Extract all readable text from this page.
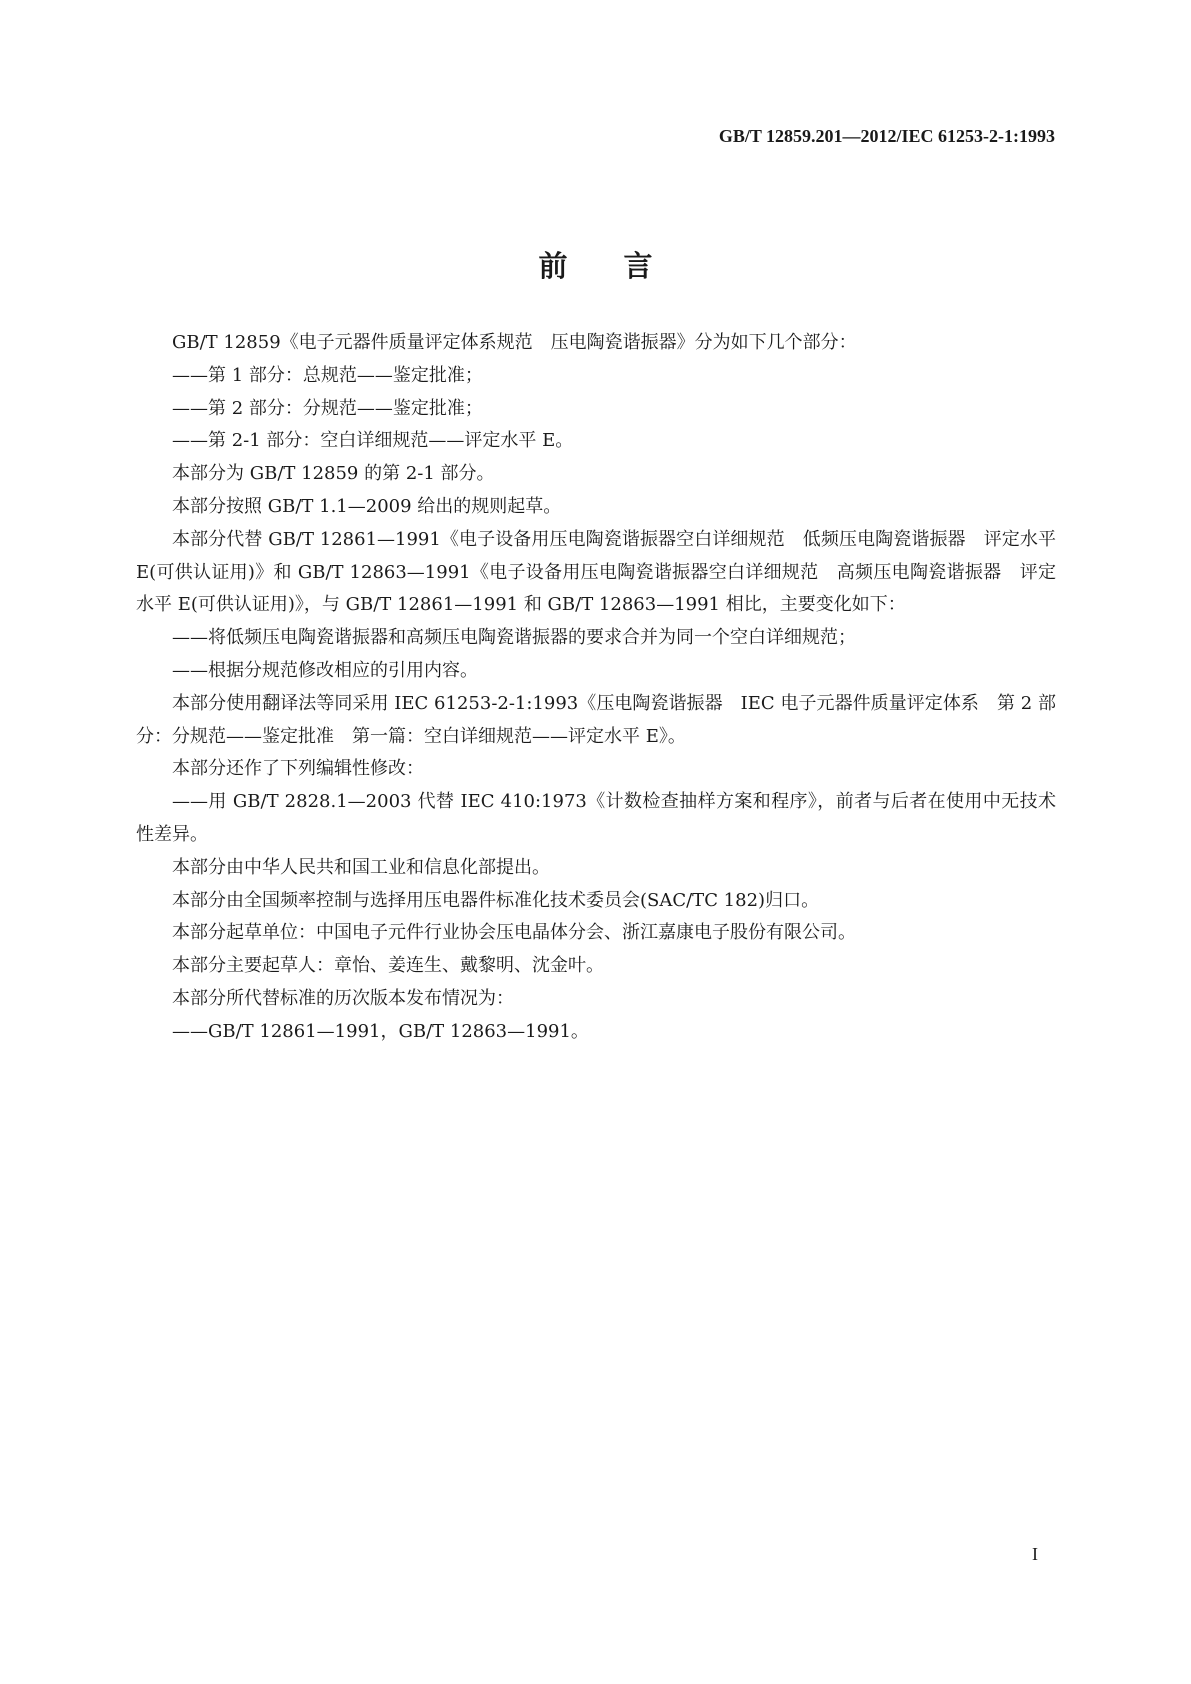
GB/T 12859.201—2012/IEC 61253-2-1:1993
前言

GB/T 12859《电子元器件质量评定体系规范　压电陶瓷谐振器》分为如下几个部分：

——第 1 部分：总规范——鉴定批准；

——第 2 部分：分规范——鉴定批准；

——第 2-1 部分：空白详细规范——评定水平 E。

本部分为 GB/T 12859 的第 2-1 部分。

本部分按照 GB/T 1.1—2009 给出的规则起草。

本部分代替 GB/T 12861—1991《电子设备用压电陶瓷谐振器空白详细规范　低频压电陶瓷谐振器　评定水平 E(可供认证用)》和 GB/T 12863—1991《电子设备用压电陶瓷谐振器空白详细规范　高频压电陶瓷谐振器　评定水平 E(可供认证用)》，与 GB/T 12861—1991 和 GB/T 12863—1991 相比，主要变化如下：

——将低频压电陶瓷谐振器和高频压电陶瓷谐振器的要求合并为同一个空白详细规范；

——根据分规范修改相应的引用内容。

本部分使用翻译法等同采用 IEC 61253-2-1:1993《压电陶瓷谐振器　IEC 电子元器件质量评定体系　第 2 部分：分规范——鉴定批准　第一篇：空白详细规范——评定水平 E》。

本部分还作了下列编辑性修改：

——用 GB/T 2828.1—2003 代替 IEC 410:1973《计数检查抽样方案和程序》，前者与后者在使用中无技术性差异。

本部分由中华人民共和国工业和信息化部提出。

本部分由全国频率控制与选择用压电器件标准化技术委员会(SAC/TC 182)归口。

本部分起草单位：中国电子元件行业协会压电晶体分会、浙江嘉康电子股份有限公司。

本部分主要起草人：章怡、姜连生、戴黎明、沈金叶。

本部分所代替标准的历次版本发布情况为：

——GB/T 12861—1991，GB/T 12863—1991。

I
